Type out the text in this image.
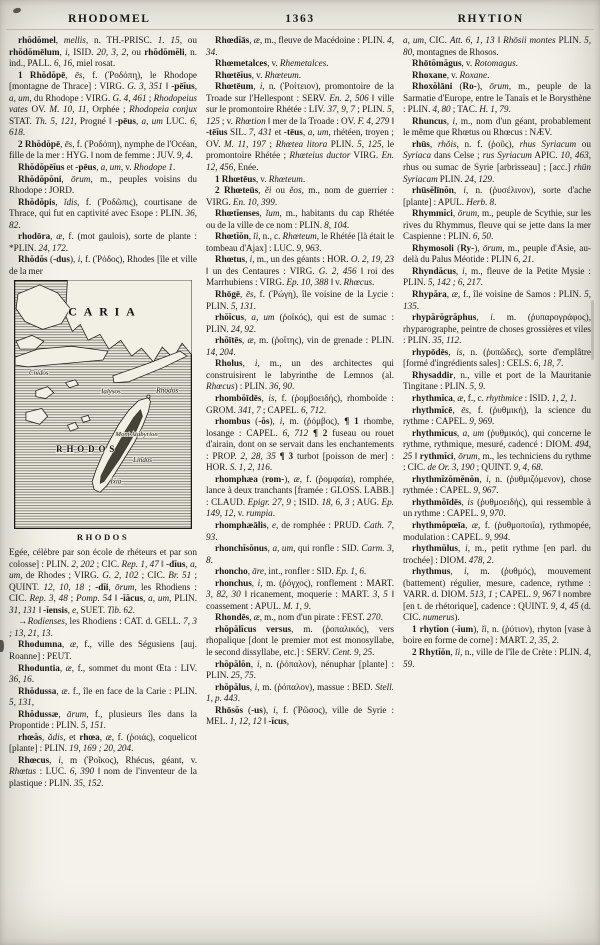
RHODOMEL	1363	RHYTION

rhŏdŏmel, mellis, n. TH.-PRISC. 1. 15, ou rhŏdŏmēlum, i, ISID. 20, 3, 2, ou rhŏdŏmĕli, n. ind., PALL. 6, 16, miel rosat.

1 Rhŏdŏpē, ēs, f. (Ῥοδόπη), le Rhodope [montagne de Thrace] : VIRG. G. 3, 351 ‖ -pēĭus, a, um, du Rhodope : VIRG. G. 4, 461 ; Rhodopeius vates OV. M. 10, 11, Orphée ; Rhodopeia conjux STAT. Th. 5, 121, Progné ‖ -pēus, a, um LUC. 6, 618.

2 Rhŏdŏpē, ēs, f. (Ῥοδόπη), nymphe de l'Océan, fille de la mer : HYG. ‖ nom de femme : JUV. 9, 4.

Rhŏdŏpēĭus et -pēus, a, um, v. Rhodope 1.

Rhŏdŏpŏni, ōrum, m., peuples voisins du Rhodope : JORD.

Rhŏdŏpis, ĭdis, f. (Ῥοδῶπις), courtisane de Thrace, qui fut en captivité avec Esope : PLIN. 36, 82.

rhodōra, æ, f. (mot gaulois), sorte de plante : *PLIN. 24, 172.

Rhŏdŏs (-dus), i, f. (Ῥόδος), Rhodes [île et ville de la mer

CARIA
Cnidos
Ialysos	Rhodos
Mont Atabyrion
RHODOS
Lindos
Ixia
RHODOS

Egée, célèbre par son école de rhéteurs et par son colosse] : PLIN. 2, 202 ; CIC. Rep. 1, 47 ‖ -dĭus, a, um, de Rhodes ; VIRG. G. 2, 102 ; CIC. Br. 51 ; QUINT. 12, 10, 18 ; -dĭi, ōrum, les Rhodiens : CIC. Rep. 3, 48 ; Pomp. 54 ‖ -ĭăcus, a, um, PLIN. 31, 131 ‖ -ĭensis, e, SUET. Tib. 62.

→ Rodienses, les Rhodiens : CAT. d. GELL. 7, 3 ; 13, 21, 13.

Rhodumna, æ, f., ville des Ségusiens [auj. Roanne] : PEUT.

Rhoduntia, æ, f., sommet du mont Œta : LIV. 36, 16.

Rhŏdussa, æ. f., île en face de la Carie : PLIN. 5, 131,

Rhŏdussæ, ārum, f., plusieurs îles dans la Propontide : PLIN. 5, 151.

rhœăs, ădis, et rhœa, æ, f. (ῥοιάς), coquelicot [plante] : PLIN. 19, 169 ; 20, 204.

Rhœcus, i, m (Ῥοῖκος), Rhécus, géant, v. Rhœtus : LUC. 6, 390 ‖ nom de l'inventeur de la plastique : PLIN. 35, 152.

Rhœdĭās, æ, m., fleuve de Macédoine : PLIN. 4, 34.

Rhœmetalces, v. Rhemetalces.

Rhœtēĭus, v. Rhœteum.

Rhœtēum, i, n. (Ῥοίτειον), promontoire de la Troade sur l'Hellespont : SERV. En. 2, 506 ‖ ville sur le promontoire Rhétée : LIV. 37, 9, 7 ; PLIN. 5, 125 ; v. Rhœtion ‖ mer de la Troade : OV. F. 4, 279 ‖ -tēĭus SIL. 7, 431 et -tēus, a, um, rhétéen, troyen ; OV. M. 11, 197 ; Rhœtea litora PLIN. 5, 125, le promontoire Rhétée ; Rhœteius ductor VIRG. En. 12, 456, Enée.

1 Rhœtēus, v. Rhœteum.

2 Rhœteūs, ĕi ou ĕos, m., nom de guerrier : VIRG. En. 10, 399.

Rhœtĭenses, ĭum, m., habitants du cap Rhétée ou de la ville de ce nom : PLIN. 8, 104.

Rhœtĭŏn, ĭi, n., c. Rhœteum, le Rhétée [là était le tombeau d'Ajax] : LUC. 9, 963.

Rhœtus, i, m., un des géants : HOR. O. 2, 19, 23 ‖ un des Centaures : VIRG. G. 2, 456 ‖ roi des Marrhubiens : VIRG. Ep. 10, 388 ‖ v. Rhœcus.

Rhōgē, ēs, f. (Ῥώγη), île voisine de la Lycie : PLIN. 5, 131.

rhŏĭcus, a, um (ῥοϊκός), qui est de sumac : PLIN. 24, 92.

rhŏītēs, æ, m. (ῥοΐτης), vin de grenade : PLIN. 14, 204.

Rholus, i, m., un des architectes qui construisirent le labyrinthe de Lemnos (al. Rhœcus) : PLIN. 36, 90.

rhombŏīdēs, is, f. (ῥομβοειδής), rhomboïde : GROM. 341, 7 ; CAPEL. 6, 712.

rhombus (-ŏs), i, m. (ῥόμβος), ¶ 1 rhombe, losange : CAPEL. 6, 712 ¶ 2 fuseau ou rouet d'airain, dont on se servait dans les enchantements : PROP. 2, 28, 35 ¶ 3 turbot [poisson de mer] : HOR. S. 1, 2, 116.

rhomphæa (rom-), æ, f. (ῥομφαία), romphée, lance à deux tranchants [framée : GLOSS. LABB.] : CLAUD. Epigr. 27, 9 ; ISID. 18, 6, 3 ; AUG. Ep. 149, 12, v. rumpia.

rhomphæālis, e, de romphée : PRUD. Cath. 7, 93.

rhonchĭsŏnus, a, um, qui ronfle : SID. Carm. 3, 8.

rhoncho, āre, int., ronfler : SID. Ep. 1, 6.

rhonchus, i, m. (ῥόγχος), ronflement : MART. 3, 82, 30 ‖ ricanement, moquerie : MART. 3, 5 ‖ coassement : APUL. M. 1, 9.

Rhondēs, æ, m., nom d'un pirate : FEST. 270.

rhŏpălĭcus versus, m. (ῥοπαλικός), vers rhopalique [dont le premier mot est monosyllabe, le second dissyllabe, etc.] : SERV. Cent. 9, 25.

rhŏpălŏn, i, n. (ῥόπαλον), nénuphar [plante] : PLIN. 25, 75.

rhŏpălus, i, m. (ῥόπαλον), massue : BED. Stell. 1, p. 443.

Rhōsŏs (-us), i, f. (Ῥῶσος), ville de Syrie : MEL. 1, 12, 12 ‖ -ĭcus,

a, um, CIC. Att. 6, 1, 13 ‖ Rhōsii montes PLIN. 5, 80, montagnes de Rhosos.

Rhōtŏmăgus, v. Rotomagus.

Rhoxane, v. Roxane.

Rhoxŏlāni (Ro-), ōrum, m., peuple de la Sarmatie d'Europe, entre le Tanaïs et le Borysthène : PLIN. 4, 80 ; TAC. H. 1, 79.

Rhuncus, i, m., nom d'un géant, probablement le même que Rhœtus ou Rhœcus : NÆV.

rhūs, rhŏis, n. f. (ῥοῦς), rhus Syriacum ou Syriaca dans Celse ; rus Syriacum APIC. 10, 463, rhus ou sumac de Syrie [arbrisseau] ; [acc.] rhūn Syriacam PLIN. 24, 129.

rhūsĕlīnŏn, i, n. (ῥυσέλινον), sorte d'ache [plante] : APUL. Herb. 8.

Rhymmĭci, ōrum, m., peuple de Scythie, sur les rives du Rhymmus, fleuve qui se jette dans la mer Caspienne : PLIN. 6, 50.

Rhymosoli (Ry-), ōrum, m., peuple d'Asie, au-delà du Palus Méotide : PLIN 6, 21.

Rhyndăcus, i, m., fleuve de la Petite Mysie : PLIN. 5, 142 ; 6, 217.

Rhypăra, æ, f., île voisine de Samos : PLIN. 5, 135.

rhypărŏgrăphus, i. m. (ῥυπαρογράφος), rhyparographe, peintre de choses grossières et viles : PLIN. 35, 112.

rhypōdēs, is, n. (ῥυπῶδες), sorte d'emplâtre [formé d'ingrédients sales] : CELS. 6, 18, 7.

Rhysaddir, n., ville et port de la Mauritanie Tingitane : PLIN. 5, 9.

rhythmĭca, æ, f., c. rhythmice : ISID. 1, 2, 1.

rhythmĭcē, ēs, f. (ῥυθμική), la science du rythme : CAPEL. 9, 969.

rhythmĭcus, a, um (ῥυθμικός), qui concerne le rythme, rythmique, mesuré, cadencé : DIOM. 494, 25 ‖ rythmĭci, ōrum, m., les techniciens du rythme : CIC. de Or. 3, 190 ; QUINT. 9, 4, 68.

rhythmĭzŏmĕnŏn, i, n. (ῥυθμιζόμενον), chose rythmée : CAPEL. 9, 967.

rhythmŏīdēs, is (ῥυθμοειδής), qui ressemble à un rythme : CAPEL. 9, 970.

rhythmŏpœīa, æ, f. (ῥυθμοποιΐα), rythmopée, modulation : CAPEL. 9, 994.

rhythmŭlus, i, m., petit rythme [en parl. du trochée] : DIOM. 478, 2.

rhythmus, i, m. (ῥυθμός), mouvement (battement) régulier, mesure, cadence, rythme : VARR. d. DIOM. 513, 1 ; CAPEL. 9, 967 ‖ nombre [en t. de rhétorique], cadence : QUINT. 9, 4, 45 (d. CIC. numerus).

1 rhytĭon (-ĭum), ĭi, n. (ῥύτιον), rhyton [vase à boire en forme de corne] : MART. 2, 35, 2.

2 Rhytĭŏn, ĭi, n., ville de l'île de Crète : PLIN. 4, 59.
